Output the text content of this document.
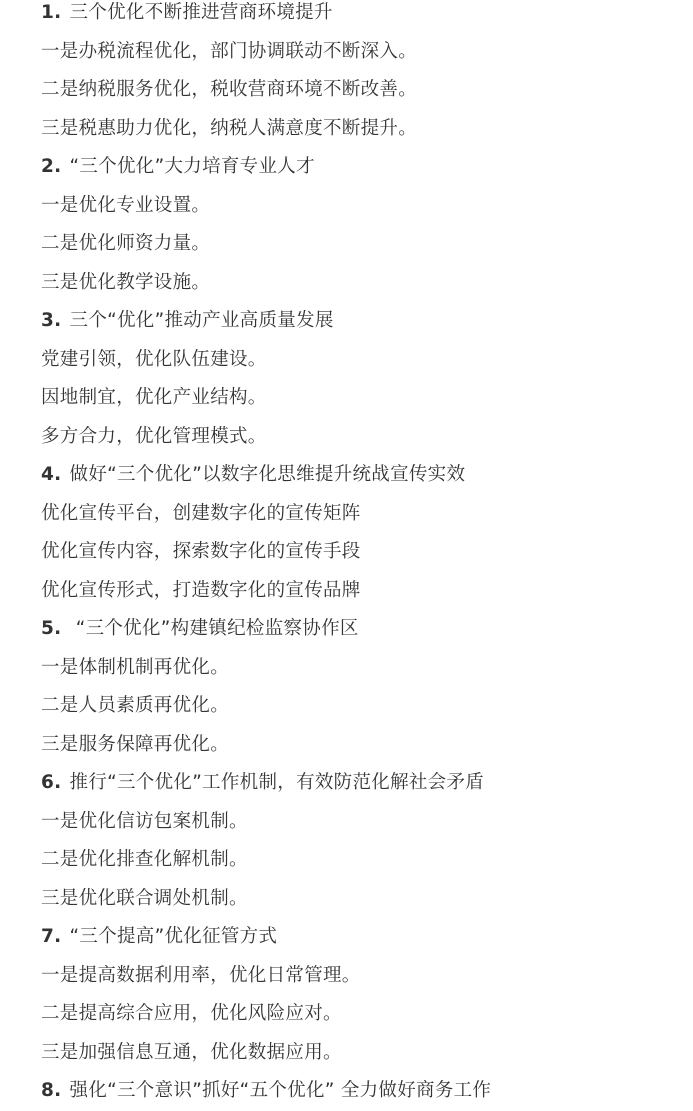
1. 三个优化不断推进营商环境提升
一是办税流程优化，部门协调联动不断深入。
二是纳税服务优化，税收营商环境不断改善。
三是税惠助力优化，纳税人满意度不断提升。
2. “三个优化”大力培育专业人才
一是优化专业设置。
二是优化师资力量。
三是优化教学设施。
3. 三个“优化”推动产业高质量发展
党建引领，优化队伍建设。
因地制宜，优化产业结构。
多方合力，优化管理模式。
4. 做好“三个优化”以数字化思维提升统战宣传实效
优化宣传平台，创建数字化的宣传矩阵
优化宣传内容，探索数字化的宣传手段
优化宣传形式，打造数字化的宣传品牌
5. “三个优化”构建镇纪检监察协作区
一是体制机制再优化。
二是人员素质再优化。
三是服务保障再优化。
6. 推行“三个优化”工作机制，有效防范化解社会矛盾
一是优化信访包案机制。
二是优化排查化解机制。
三是优化联合调处机制。
7. “三个提高”优化征管方式
一是提高数据利用率，优化日常管理。
二是提高综合应用，优化风险应对。
三是加强信息互通，优化数据应用。
8. 强化“三个意识”抓好“五个优化” 全力做好商务工作
